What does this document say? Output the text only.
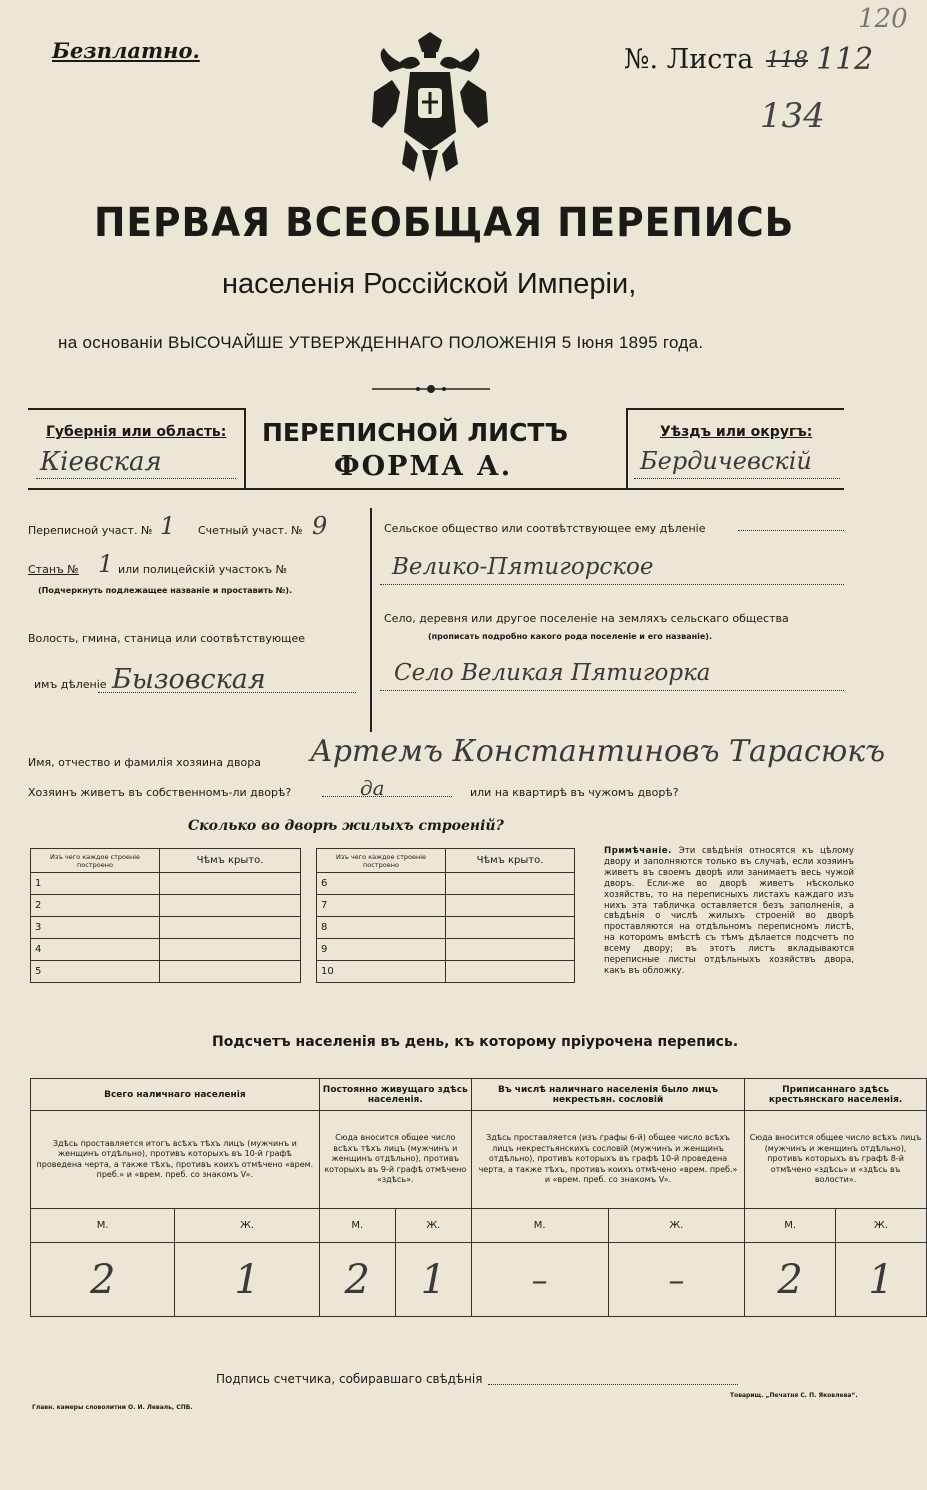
Безплатно.	№. Листа 118 112
120
134
ПЕРВАЯ ВСЕОБЩАЯ ПЕРЕПИСЬ
населенія Россійской Имперіи,
на основаніи ВЫСОЧАЙШЕ УТВЕРЖДЕННАГО ПОЛОЖЕНІЯ 5 Іюня 1895 года.
Губернія или область:
Кіевская
ПЕРЕПИСНОЙ ЛИСТЪ
ФОРМА А.
Уѣздъ или округъ:
Бердичевскій
Переписной участ. № 1 Счетный участ. № 9
Станъ № 1 или полицейскій участокъ №
(Подчеркнуть подлежащее названіе и проставить №).
Волость, гмина, станица или соотвѣтствующее
имъ дѣленіе Бызовская
Сельское общество или соотвѣтствующее ему дѣленіе
Велико-Пятигорское
Село, деревня или другое поселеніе на земляхъ сельскаго общества
(прописать подробно какого рода поселеніе и его названіе).
Село Великая Пятигорка
Имя, отчество и фамилія хозяина двора Артемъ Константиновъ Тарасюкъ
Хозяинъ живетъ въ собственномъ-ли дворѣ?	да	или на квартирѣ въ чужомъ дворѣ?
Сколько во дворѣ жилыхъ строеній?
Изъ чего каждое строеніе построено	Чѣмъ крыто.
1	
2	
3	
4	
5	
Изъ чего каждое строеніе построено	Чѣмъ крыто.
6	
7	
8	
9	
10	
Примѣчаніе. Эти свѣдѣнія относятся къ цѣлому двору и заполняются только въ случаѣ, если хозяинъ живетъ въ своемъ дворѣ или занимаетъ весь чужой дворъ. Если-же во дворѣ живетъ нѣсколько хозяйствъ, то на переписныхъ листахъ каждаго изъ нихъ эта табличка оставляется безъ заполненія, а свѣдѣнія о числѣ жилыхъ строеній во дворѣ проставляются на отдѣльномъ переписномъ листѣ, на которомъ вмѣстѣ съ тѣмъ дѣлается подсчетъ по всему двору; въ этотъ листъ вкладываются переписные листы отдѣльныхъ хозяйствъ двора, какъ въ обложку.
Подсчетъ населенія въ день, къ которому пріурочена перепись.
Всего наличнаго населенія		Постоянно живущаго здѣсь населенія.		Въ числѣ наличнаго населенія было лицъ некрестьян. сословій		Приписаннаго здѣсь крестьянскаго населенія.	
Здѣсь проставляется итогъ всѣхъ тѣхъ лицъ (мужчинъ и женщинъ отдѣльно), противъ которыхъ въ 10-й графѣ проведена черта, а также тѣхъ, противъ коихъ отмѣчено «врем. преб.» и «врем. преб. со знакомъ V».		Сюда вносится общее число всѣхъ тѣхъ лицъ (мужчинъ и женщинъ отдѣльно), противъ которыхъ въ 9-й графѣ отмѣчено «здѣсь».		Здѣсь проставляется (изъ графы 6-й) общее число всѣхъ лицъ некрестьянскихъ сословій (мужчинъ и женщинъ отдѣльно), противъ которыхъ въ графѣ 10-й проведена черта, а также тѣхъ, противъ коихъ отмѣчено «врем. преб.» и «врем. преб. со знакомъ V».		Сюда вносится общее число всѣхъ лицъ (мужчинъ и женщинъ отдѣльно), противъ которыхъ въ графѣ 8-й отмѣчено «здѣсь» и «здѣсь въ волости».	
М.	Ж.	М.	Ж.	М.	Ж.	М.	Ж.
2	1	2	1	–	–	2	1
Подпись счетчика, собиравшаго свѣдѣнія
Главн. камеры словолитни О. И. Леваль, СПБ.
Товарищ. „Печатня С. П. Яковлева“.
